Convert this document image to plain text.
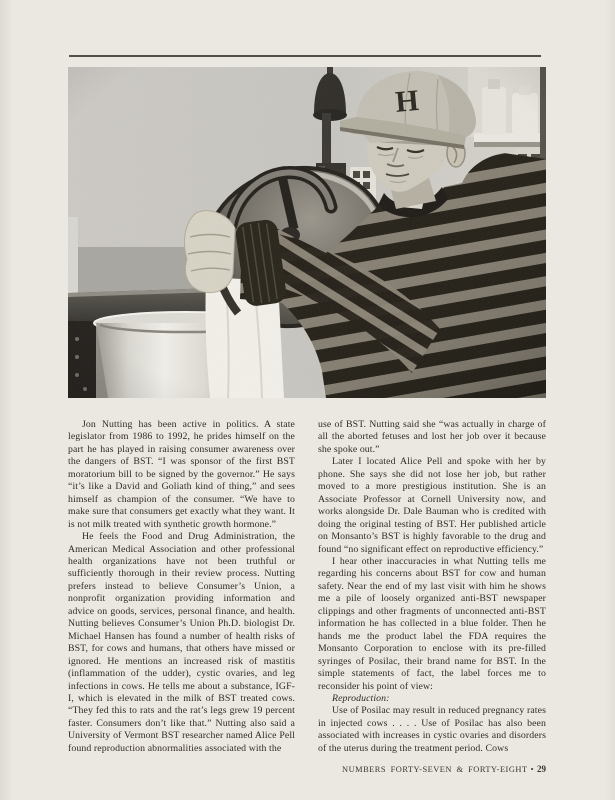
Jon Nutting has been active in politics. A state legislator from 1986 to 1992, he prides himself on the part he has played in raising consumer awareness over the dangers of BST. “I was sponsor of the first BST moratorium bill to be signed by the governor.” He says “it’s like a David and Goliath kind of thing,” and sees himself as champion of the consumer. “We have to make sure that consumers get exactly what they want. It is not milk treated with synthetic growth hormone.”

He feels the Food and Drug Administration, the American Medical Association and other professional health organizations have not been truthful or sufficiently thorough in their review process. Nutting prefers instead to believe Consumer’s Union, a nonprofit organization providing information and advice on goods, services, personal finance, and health. Nutting believes Consumer’s Union Ph.D. biologist Dr. Michael Hansen has found a number of health risks of BST, for cows and humans, that others have missed or ignored. He mentions an increased risk of mastitis (inflammation of the udder), cystic ovaries, and leg infections in cows. He tells me about a substance, IGF-I, which is elevated in the milk of BST treated cows. “They fed this to rats and the rat’s legs grew 19 percent faster. Consumers don’t like that.” Nutting also said a University of Vermont BST researcher named Alice Pell found reproduction abnormalities associated with the

use of BST. Nutting said she “was actually in charge of all the aborted fetuses and lost her job over it because she spoke out.”

Later I located Alice Pell and spoke with her by phone. She says she did not lose her job, but rather moved to a more prestigious institution. She is an Associate Professor at Cornell University now, and works alongside Dr. Dale Bauman who is credited with doing the original testing of BST. Her published article on Monsanto’s BST is highly favorable to the drug and found “no significant effect on reproductive efficiency.”

I hear other inaccuracies in what Nutting tells me regarding his concerns about BST for cow and human safety. Near the end of my last visit with him he shows me a pile of loosely organized anti-BST newspaper clippings and other fragments of unconnected anti-BST information he has collected in a blue folder. Then he hands me the product label the FDA requires the Monsanto Corporation to enclose with its pre-filled syringes of Posilac, their brand name for BST. In the simple statements of fact, the label forces me to reconsider his point of view:

Reproduction:

Use of Posilac may result in reduced pregnancy rates in injected cows . . . . Use of Posilac has also been associated with increases in cystic ovaries and disorders of the uterus during the treatment period. Cows

NUMBERS FORTY-SEVEN & FORTY-EIGHT • 29
